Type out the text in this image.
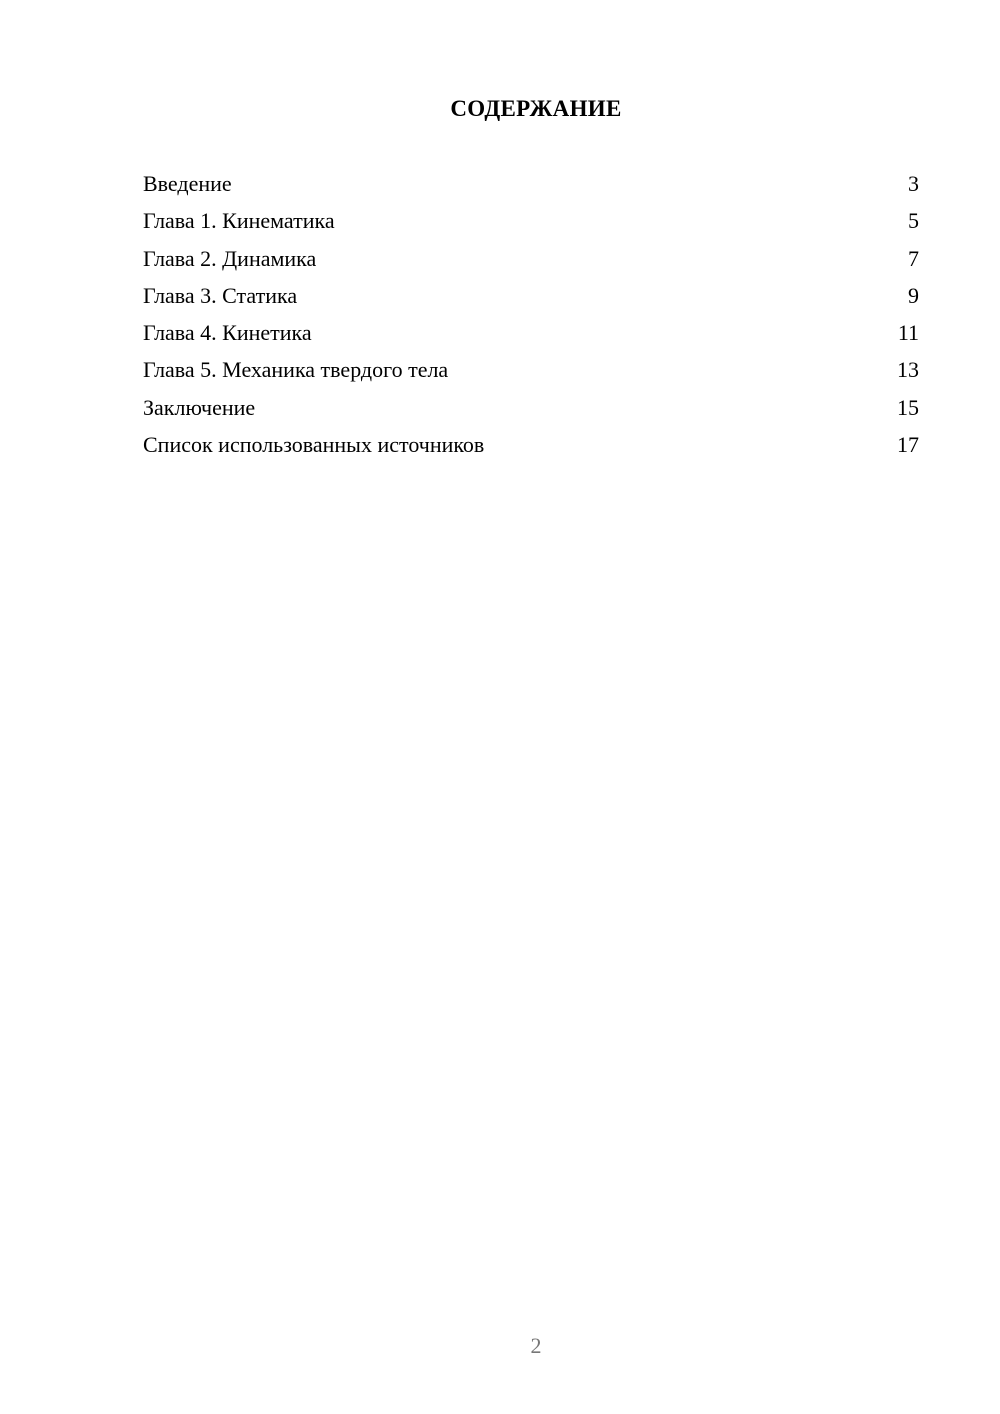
СОДЕРЖАНИЕ
Введение	3
Глава 1. Кинематика	5
Глава 2. Динамика	7
Глава 3. Статика	9
Глава 4. Кинетика	11
Глава 5. Механика твердого тела	13
Заключение	15
Список использованных источников	17
2
